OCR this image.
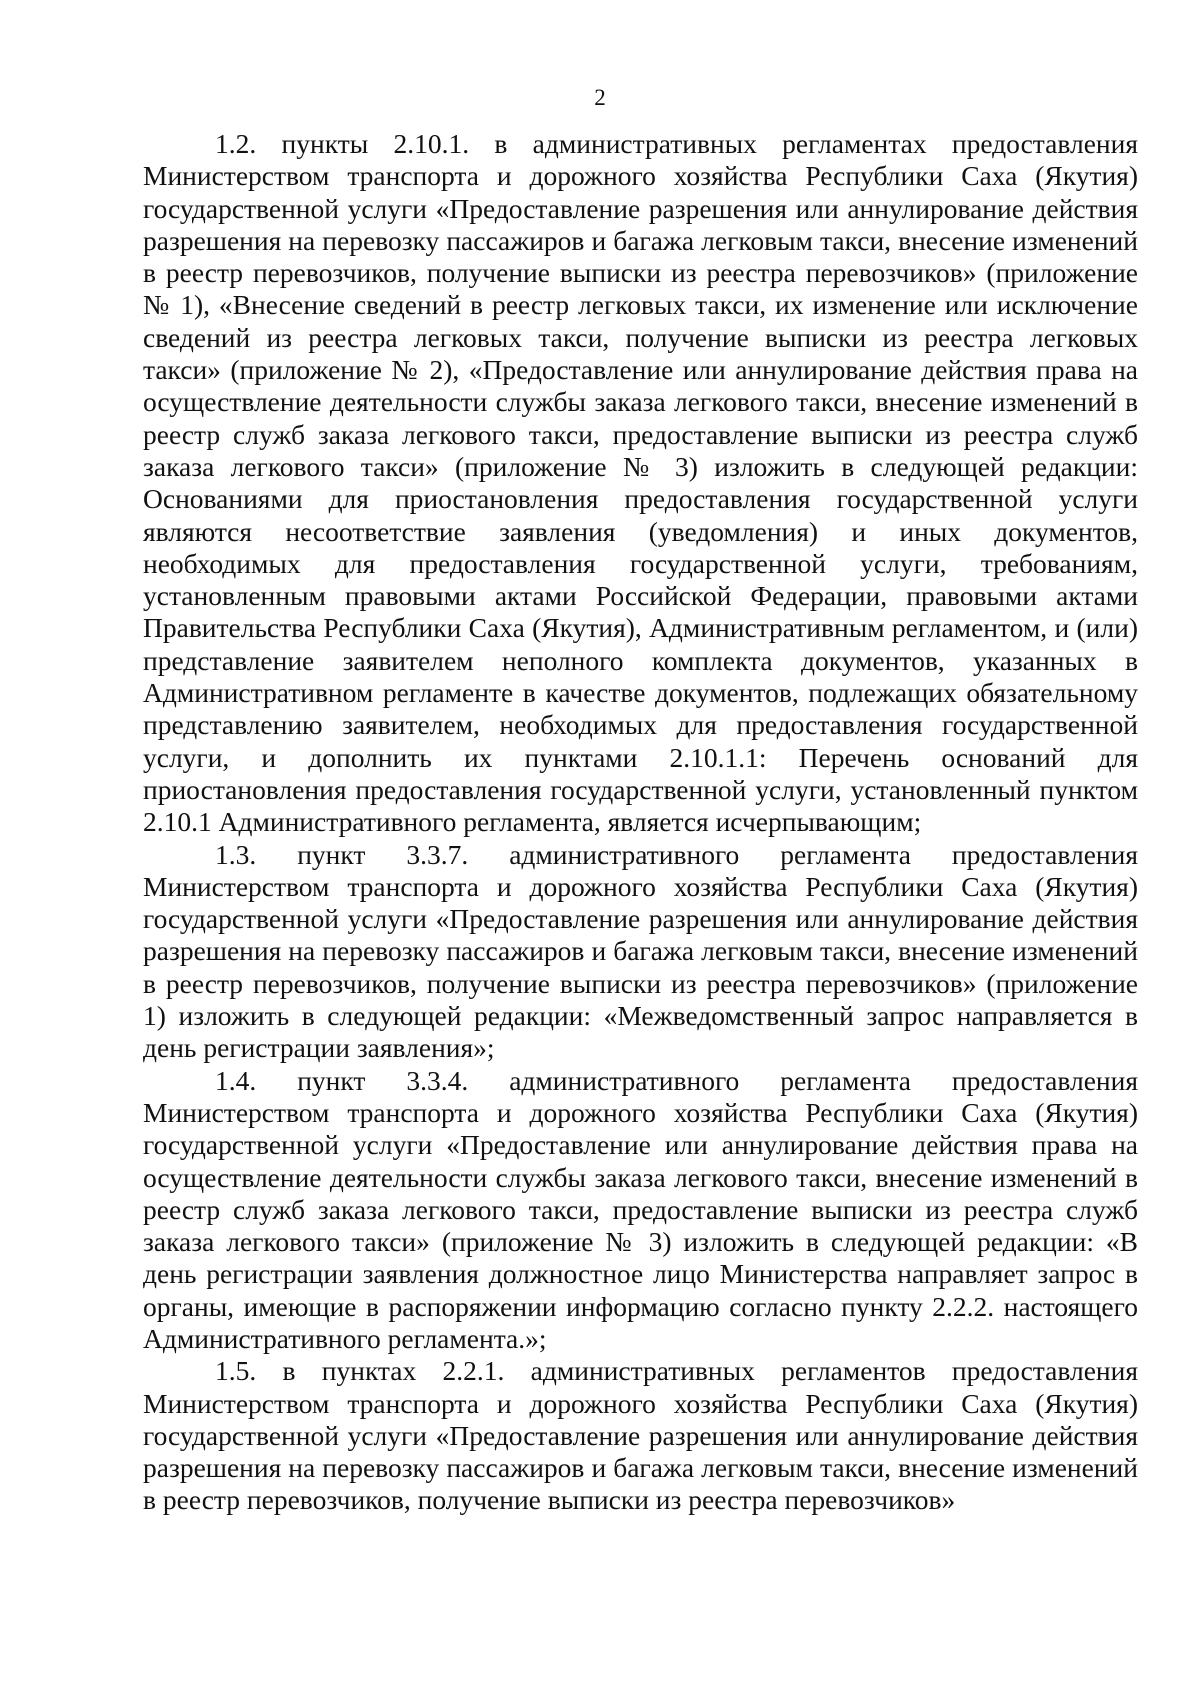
2

1.2. пункты 2.10.1. в административных регламентах предоставления Министерством транспорта и дорожного хозяйства Республики Саха (Якутия) государственной услуги «Предоставление разрешения или аннулирование действия разрешения на перевозку пассажиров и багажа легковым такси, внесение изменений в реестр перевозчиков, получение выписки из реестра перевозчиков» (приложение № 1), «Внесение сведений в реестр легковых такси, их изменение или исключение сведений из реестра легковых такси, получение выписки из реестра легковых такси» (приложение № 2), «Предоставление или аннулирование действия права на осуществление деятельности службы заказа легкового такси, внесение изменений в реестр служб заказа легкового такси, предоставление выписки из реестра служб заказа легкового такси» (приложение № 3) изложить в следующей редакции: Основаниями для приостановления предоставления государственной услуги являются несоответствие заявления (уведомления) и иных документов, необходимых для предоставления государственной услуги, требованиям, установленным правовыми актами Российской Федерации, правовыми актами Правительства Республики Саха (Якутия), Административным регламентом, и (или) представление заявителем неполного комплекта документов, указанных в Административном регламенте в качестве документов, подлежащих обязательному представлению заявителем, необходимых для предоставления государственной услуги, и дополнить их пунктами 2.10.1.1: Перечень оснований для приостановления предоставления государственной услуги, установленный пунктом 2.10.1 Административного регламента, является исчерпывающим;

1.3. пункт 3.3.7. административного регламента предоставления Министерством транспорта и дорожного хозяйства Республики Саха (Якутия) государственной услуги «Предоставление разрешения или аннулирование действия разрешения на перевозку пассажиров и багажа легковым такси, внесение изменений в реестр перевозчиков, получение выписки из реестра перевозчиков» (приложение 1) изложить в следующей редакции: «Межведомственный запрос направляется в день регистрации заявления»;

1.4. пункт 3.3.4. административного регламента предоставления Министерством транспорта и дорожного хозяйства Республики Саха (Якутия) государственной услуги «Предоставление или аннулирование действия права на осуществление деятельности службы заказа легкового такси, внесение изменений в реестр служб заказа легкового такси, предоставление выписки из реестра служб заказа легкового такси» (приложение № 3) изложить в следующей редакции: «В день регистрации заявления должностное лицо Министерства направляет запрос в органы, имеющие в распоряжении информацию согласно пункту 2.2.2. настоящего Административного регламента.»;

1.5. в пунктах 2.2.1. административных регламентов предоставления Министерством транспорта и дорожного хозяйства Республики Саха (Якутия) государственной услуги «Предоставление разрешения или аннулирование действия разрешения на перевозку пассажиров и багажа легковым такси, внесение изменений в реестр перевозчиков, получение выписки из реестра перевозчиков»
